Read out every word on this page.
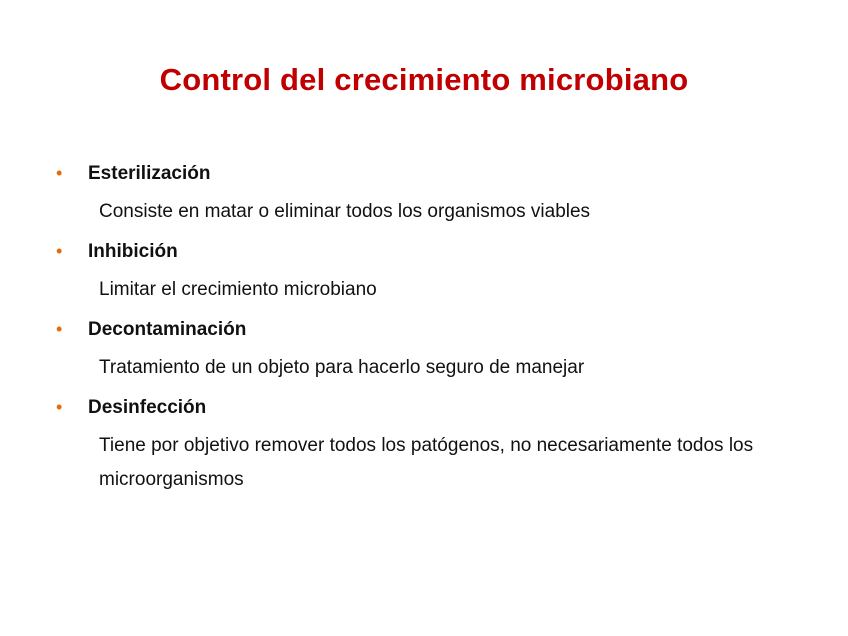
Control del crecimiento microbiano
•	Esterilización
Consiste en matar o eliminar todos los organismos viables
•	Inhibición
Limitar el crecimiento microbiano
•	Decontaminación
Tratamiento de un objeto para hacerlo seguro de manejar
•	Desinfección
Tiene por objetivo remover todos los patógenos, no necesariamente todos los microorganismos
